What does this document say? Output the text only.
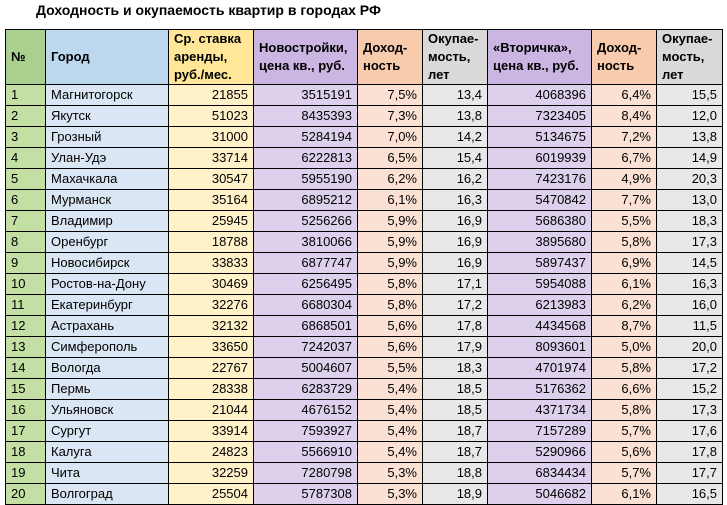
Доходность и окупаемость квартир в городах РФ
№	Город	Ср. ставка аренды, руб./мес.	Новостройки, цена кв., руб.	Доход-ность	Окупае-мость, лет	«Вторичка», цена кв., руб.	Доход-ность	Окупае-мость, лет
1	Магнитогорск	21855	3515191	7,5%	13,4	4068396	6,4%	15,5
2	Якутск	51023	8435393	7,3%	13,8	7323405	8,4%	12,0
3	Грозный	31000	5284194	7,0%	14,2	5134675	7,2%	13,8
4	Улан-Удэ	33714	6222813	6,5%	15,4	6019939	6,7%	14,9
5	Махачкала	30547	5955190	6,2%	16,2	7423176	4,9%	20,3
6	Мурманск	35164	6895212	6,1%	16,3	5470842	7,7%	13,0
7	Владимир	25945	5256266	5,9%	16,9	5686380	5,5%	18,3
8	Оренбург	18788	3810066	5,9%	16,9	3895680	5,8%	17,3
9	Новосибирск	33833	6877747	5,9%	16,9	5897437	6,9%	14,5
10	Ростов-на-Дону	30469	6256495	5,8%	17,1	5954088	6,1%	16,3
11	Екатеринбург	32276	6680304	5,8%	17,2	6213983	6,2%	16,0
12	Астрахань	32132	6868501	5,6%	17,8	4434568	8,7%	11,5
13	Симферополь	33650	7242037	5,6%	17,9	8093601	5,0%	20,0
14	Вологда	22767	5004607	5,5%	18,3	4701974	5,8%	17,2
15	Пермь	28338	6283729	5,4%	18,5	5176362	6,6%	15,2
16	Ульяновск	21044	4676152	5,4%	18,5	4371734	5,8%	17,3
17	Сургут	33914	7593927	5,4%	18,7	7157289	5,7%	17,6
18	Калуга	24823	5566910	5,4%	18,7	5290966	5,6%	17,8
19	Чита	32259	7280798	5,3%	18,8	6834434	5,7%	17,7
20	Волгоград	25504	5787308	5,3%	18,9	5046682	6,1%	16,5
